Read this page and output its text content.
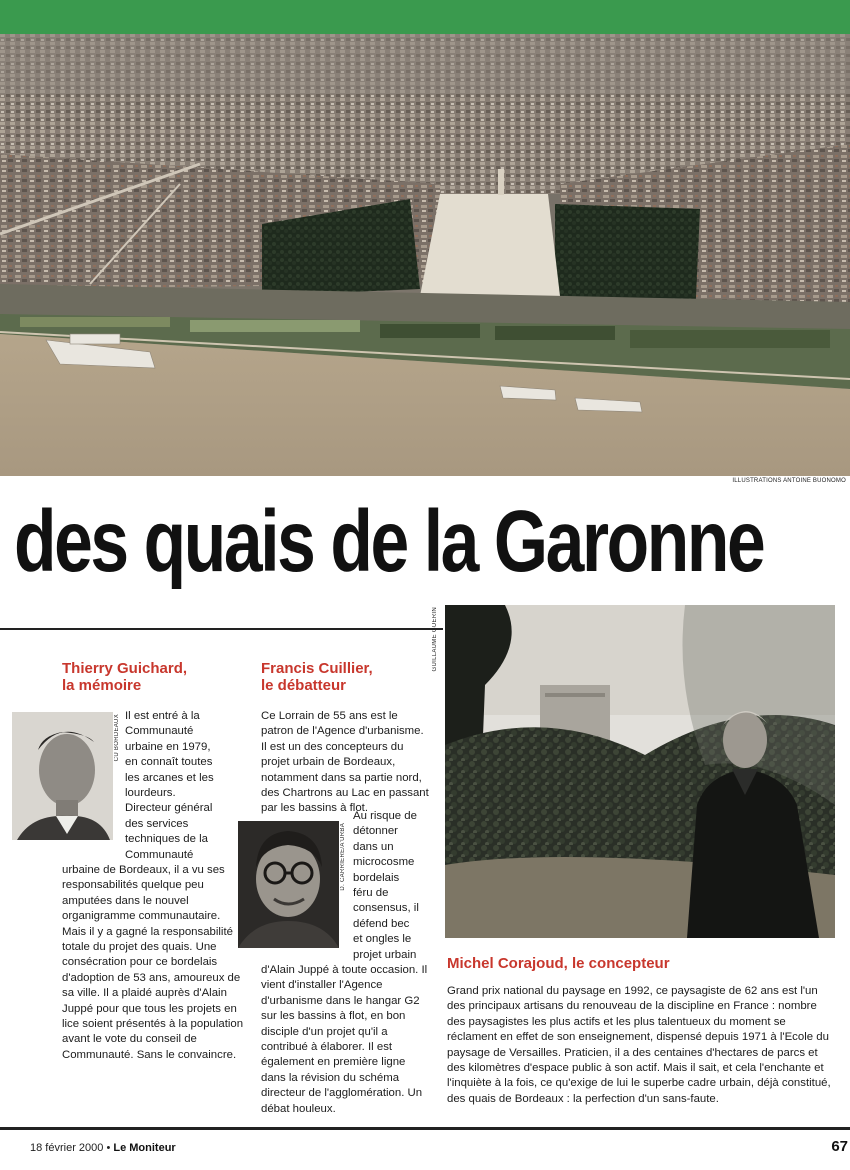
ILLUSTRATIONS ANTOINE BUONOMO
des quais de la Garonne
Thierry Guichard,
la mémoire
CU BORDEAUX Il est entré à la
Communauté
urbaine en 1979,
en connaît toutes
les arcanes et les
lourdeurs.
Directeur général
des services
techniques de la
Communauté

urbaine de Bordeaux, il a vu ses responsabilités quelque peu amputées dans le nouvel organigramme communautaire. Mais il y a gagné la responsabilité totale du projet des quais. Une consécration pour ce bordelais d'adoption de 53 ans, amoureux de sa ville. Il a plaidé auprès d'Alain Juppé pour que tous les projets en lice soient présentés à la population avant le vote du conseil de Communauté. Sans le convaincre.

Francis Cuillier,
le débatteur

Ce Lorrain de 55 ans est le patron de l'Agence d'urbanisme. Il est un des concepteurs du projet urbain de Bordeaux, notamment dans sa partie nord, des Chartrons au Lac en passant par les bassins à flot.

D. CARRIERE/A'URBA
Au risque de
détonner
dans un
microcosme
bordelais
féru de
consensus, il
défend bec
et ongles le
projet urbain

d'Alain Juppé à toute occasion. Il vient d'installer l'Agence d'urbanisme dans le hangar G2 sur les bassins à flot, en bon disciple d'un projet qu'il a contribué à élaborer. Il est également en première ligne dans la révision du schéma directeur de l'agglomération. Un débat houleux.

GUILLAUME GUERIN
Michel Corajoud, le concepteur

Grand prix national du paysage en 1992, ce paysagiste de 62 ans est l'un des principaux artisans du renouveau de la discipline en France : nombre des paysagistes les plus actifs et les plus talentueux du moment se réclament en effet de son enseignement, dispensé depuis 1971 à l'Ecole du paysage de Versailles. Praticien, il a des centaines d'hectares de parcs et des kilomètres d'espace public à son actif. Mais il sait, et cela l'enchante et l'inquiète à la fois, ce qu'exige de lui le superbe cadre urbain, déjà constitué, des quais de Bordeaux : la perfection d'un sans-faute.

18 février 2000 • Le Moniteur	67
